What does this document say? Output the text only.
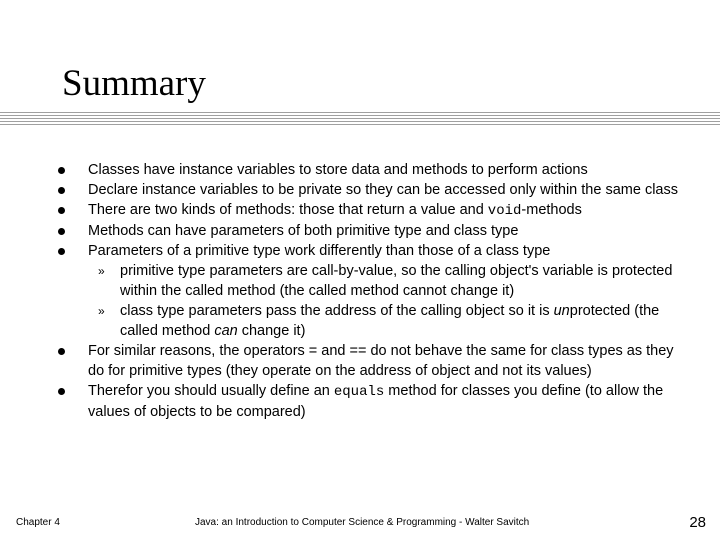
Summary
Classes have instance variables to store data and methods to perform actions
Declare instance variables to be private so they can be accessed only within the same class
There are two kinds of methods: those that return a value and void-methods
Methods can have parameters of both primitive type and class type
Parameters of a primitive type work differently than those of a class type
» primitive type parameters are call-by-value, so the calling object's variable is protected within the called method (the called method cannot change it)
» class type parameters pass the address of the calling object so it is unprotected (the called method can change it)
For similar reasons, the operators = and == do not behave the same for class types as they do for primitive types (they operate on the address of object and not its values)
Therefor you should usually define an equals method for classes you define (to allow the values of objects to be compared)
Chapter 4	Java: an Introduction to Computer Science & Programming - Walter Savitch	28
